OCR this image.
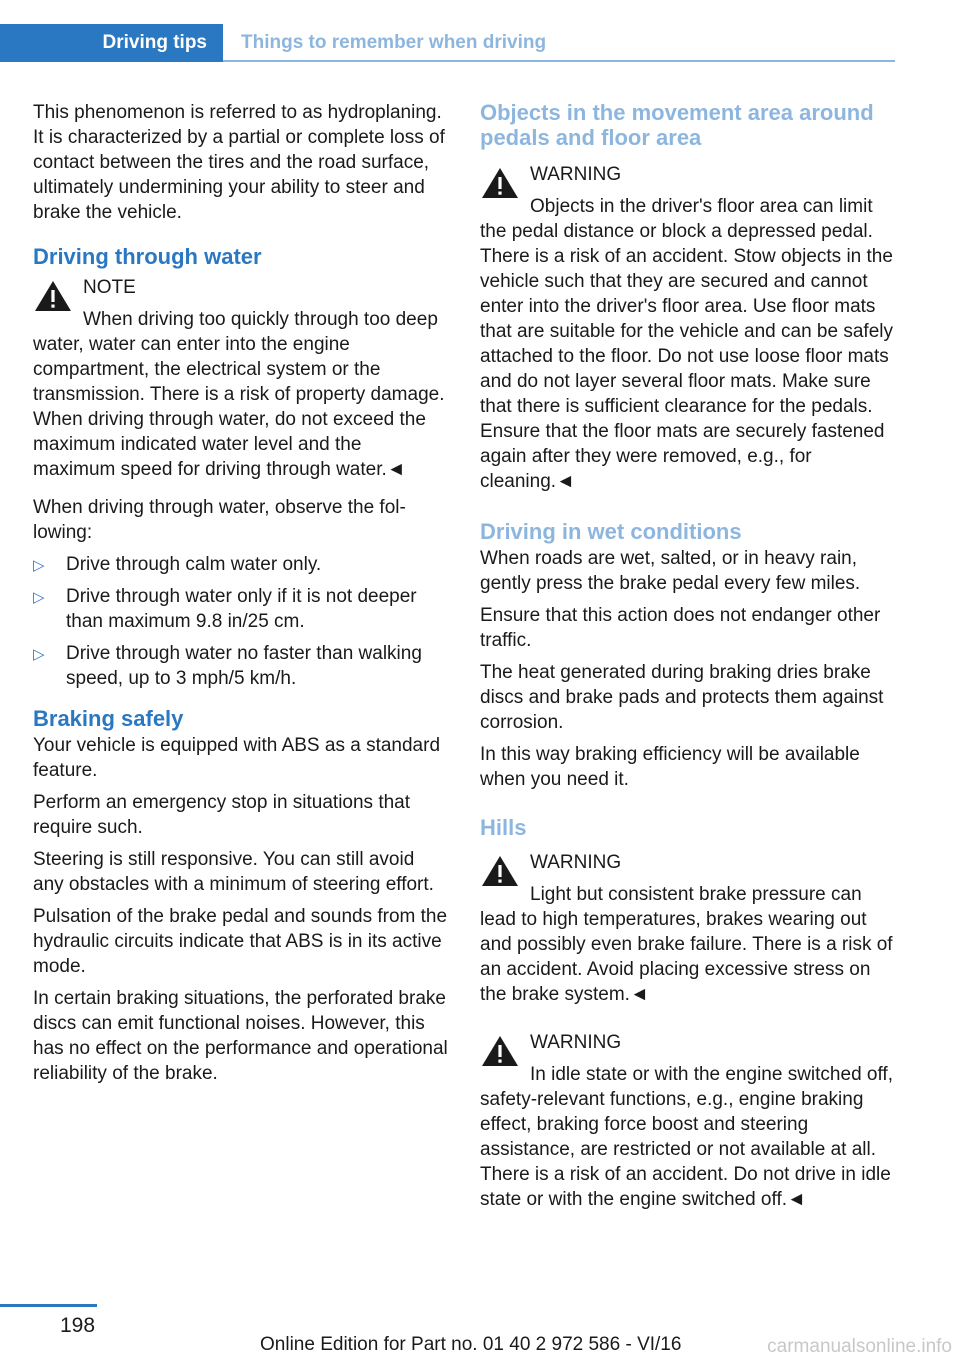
Driving tips	Things to remember when driving

This phenomenon is referred to as hydroplaning. It is characterized by a partial or complete loss of contact between the tires and the road surface, ultimately undermining your ability to steer and brake the vehicle.

Driving through water
NOTE
When driving too quickly through too deep water, water can enter into the engine compartment, the electrical system or the transmission. There is a risk of property damage. When driving through water, do not exceed the maximum indicated water level and the maximum speed for driving through water.◄

When driving through water, observe the following:

▷ Drive through calm water only.
▷ Drive through water only if it is not deeper than maximum 9.8 in/25 cm.
▷ Drive through water no faster than walking speed, up to 3 mph/5 km/h.
Braking safely

Your vehicle is equipped with ABS as a standard feature.

Perform an emergency stop in situations that require such.

Steering is still responsive. You can still avoid any obstacles with a minimum of steering effort.

Pulsation of the brake pedal and sounds from the hydraulic circuits indicate that ABS is in its active mode.

In certain braking situations, the perforated brake discs can emit functional noises. However, this has no effect on the performance and operational reliability of the brake.

Objects in the movement area around pedals and floor area
WARNING
Objects in the driver's floor area can limit the pedal distance or block a depressed pedal. There is a risk of an accident. Stow objects in the vehicle such that they are secured and cannot enter into the driver's floor area. Use floor mats that are suitable for the vehicle and can be safely attached to the floor. Do not use loose floor mats and do not layer several floor mats. Make sure that there is sufficient clearance for the pedals. Ensure that the floor mats are securely fastened again after they were removed, e.g., for cleaning.◄
Driving in wet conditions

When roads are wet, salted, or in heavy rain, gently press the brake pedal every few miles.

Ensure that this action does not endanger other traffic.

The heat generated during braking dries brake discs and brake pads and protects them against corrosion.

In this way braking efficiency will be available when you need it.

Hills
WARNING
Light but consistent brake pressure can lead to high temperatures, brakes wearing out and possibly even brake failure. There is a risk of an accident. Avoid placing excessive stress on the brake system.◄
WARNING
In idle state or with the engine switched off, safety-relevant functions, e.g., engine braking effect, braking force boost and steering assistance, are restricted or not available at all. There is a risk of an accident. Do not drive in idle state or with the engine switched off.◄
198
Online Edition for Part no. 01 40 2 972 586 - VI/16	carmanualsonline.info
